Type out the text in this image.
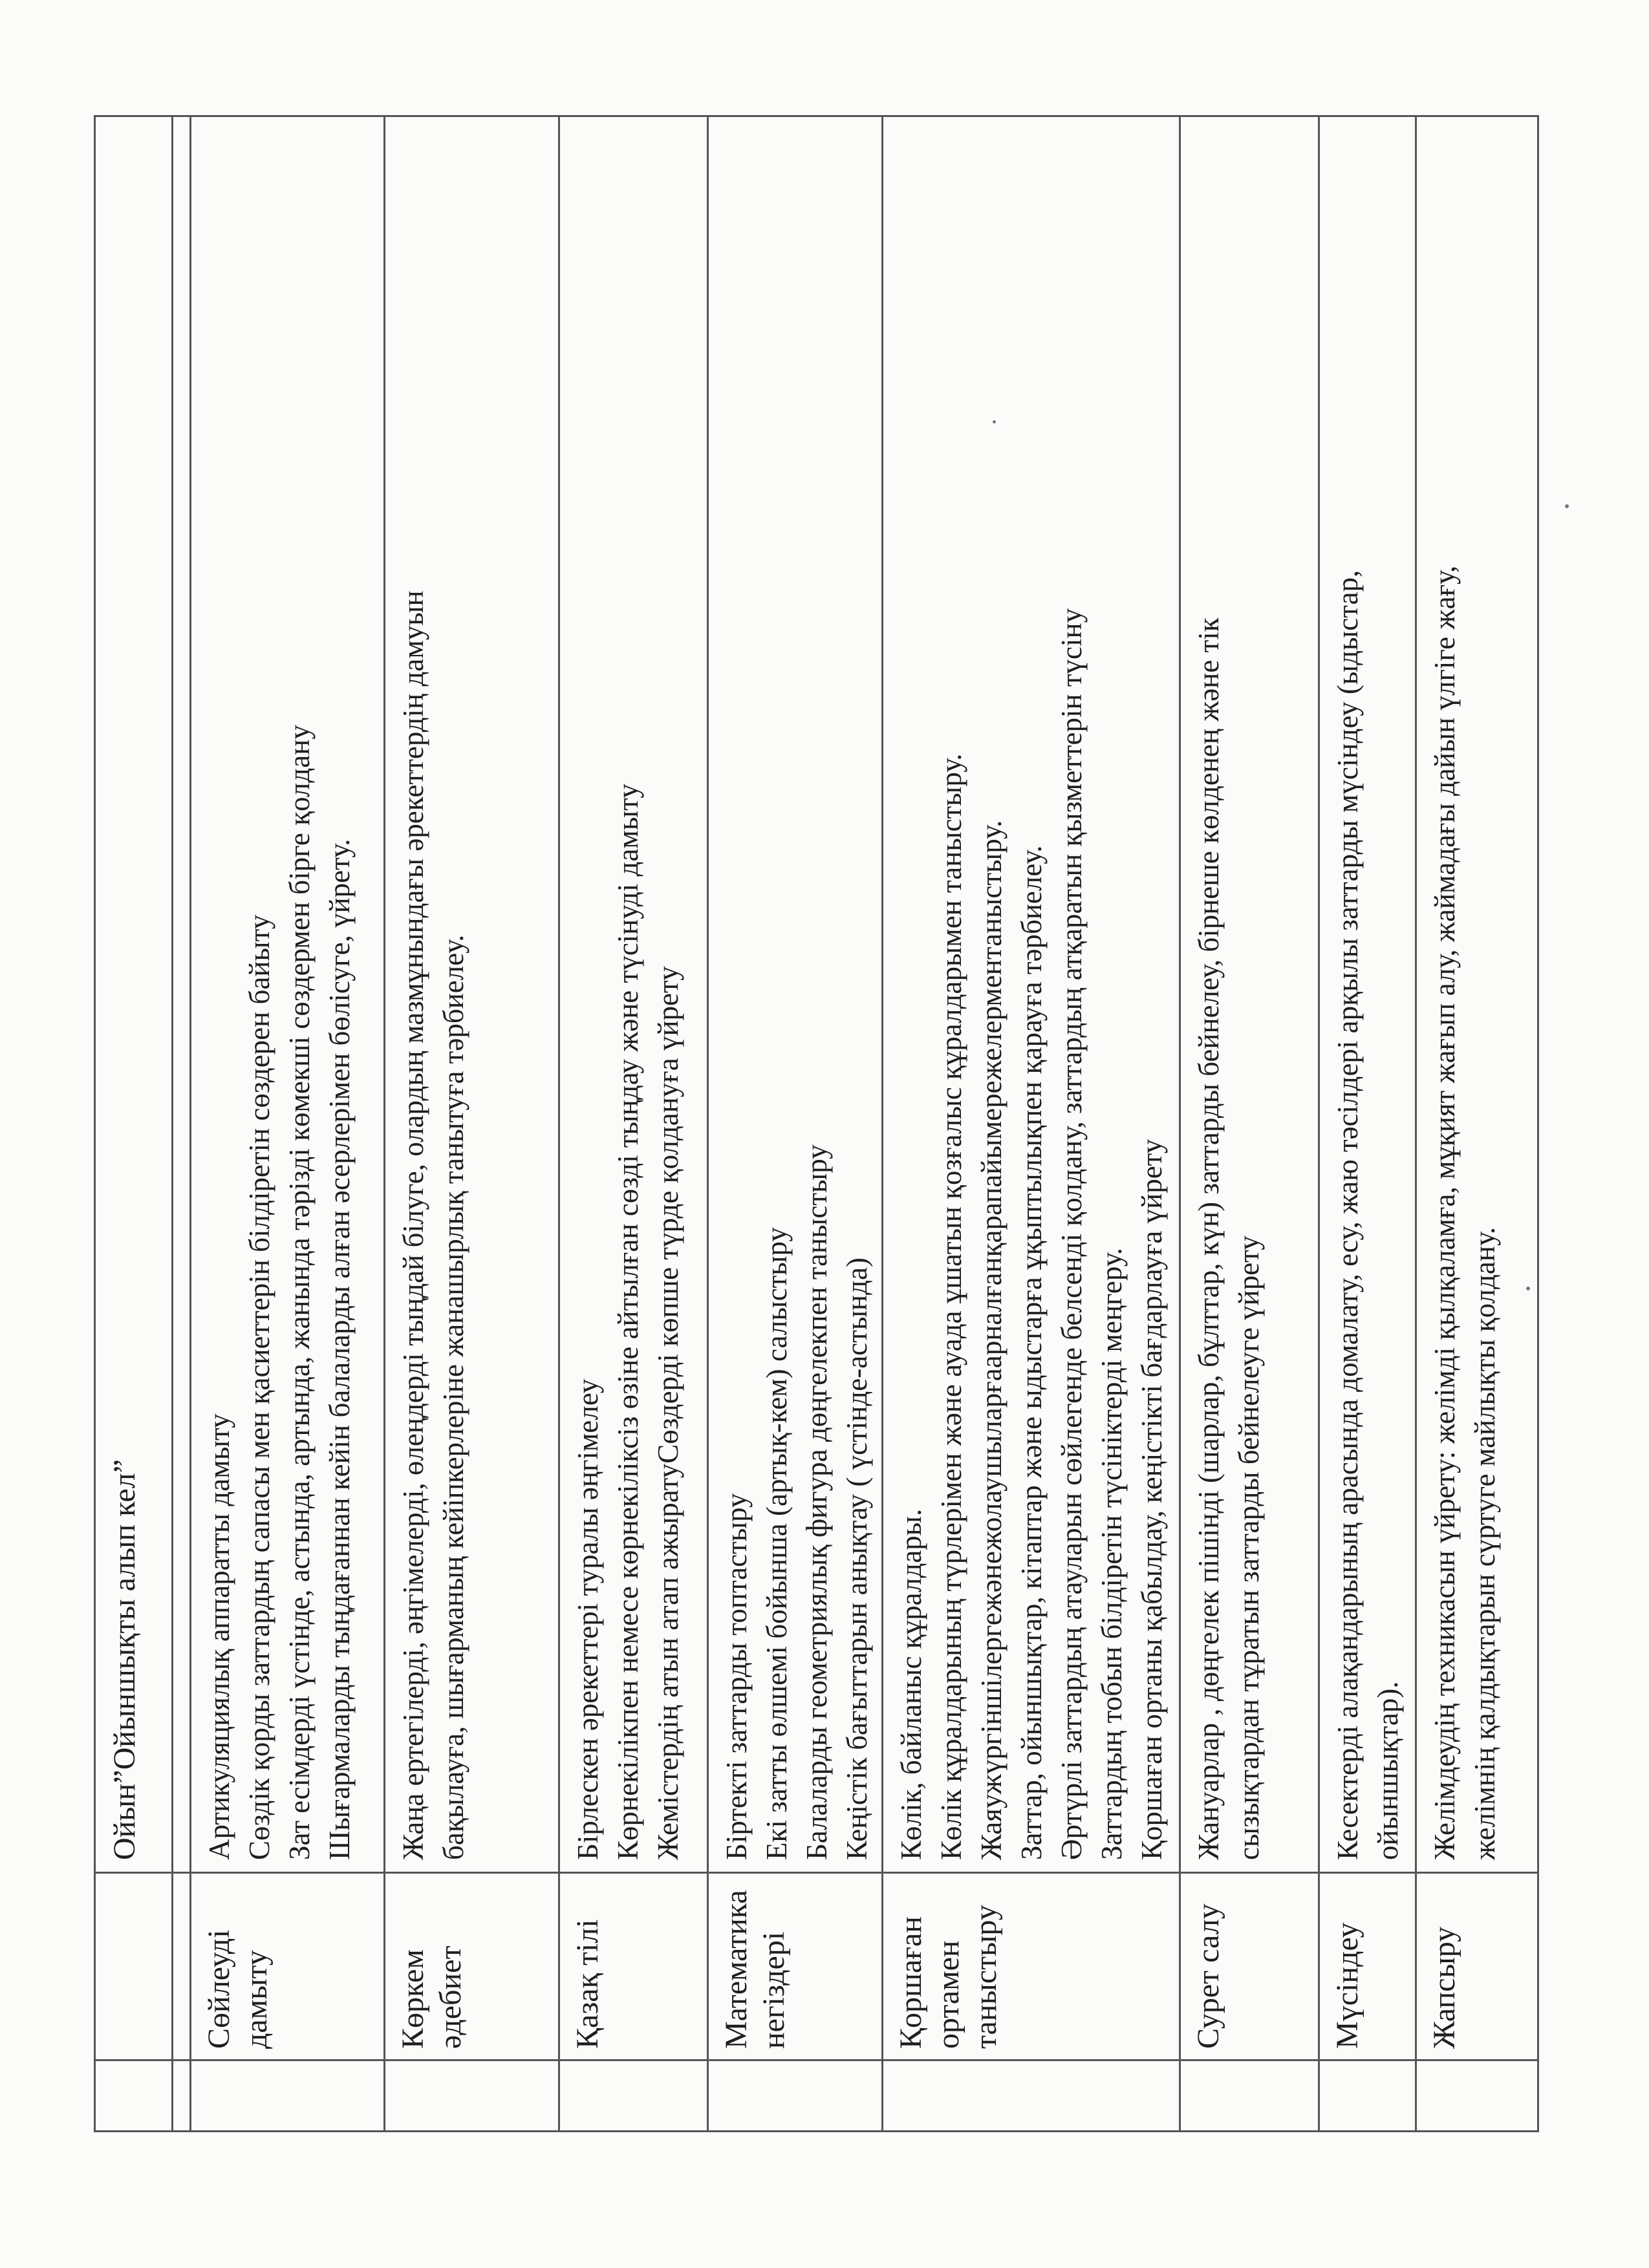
Ойын”Ойыншықты алып кел”
Сөйлеуді
дамыту

Артикуляциялық аппаратты дамыту Сөздік қорды заттардың сапасы мен қасиеттерін білдіретін сөздерен байыту Зат есімдерді үстінде, астында, артында, жанында тәрізді көмекші сөздермен бірге қолдану Шығармаларды тыңдағаннан кейін балаларды алған әсерлерімен бөлісуге, үйрету.

Көркем
әдебиет

Жаңа ертегілерді, әңгімелерді, өлеңдерді тыңдай білуге, олардың мазмұнындағы әрекеттердің дамуын бақылауға, шығарманың кейіпкерлеріне жанашырлық танытуға тәрбиелеу.

Қазақ тілі

Бірлескен әрекеттері туралы әңгімелеу Көрнекілікпен немесе көрнекіліксіз өзіне айтылған сөзді тыңдау және түсінуді дамыту Жемістердің атын атап ажыратуСөздерді көпше түрде қолдануға үйрету

Математика
негіздері

Біртекті заттарды топтастыру Екі затты өлшемі бойынша (артық-кем) салыстыру Балаларды геометриялық фигура дөңгелекпен таныстыру Кеңістік бағыттарын анықтау ( үстінде-астында)

Қоршаған
ортамен
таныстыру

Көлік, байланыс құралдары. Көлік құралдарының түрлерімен және ауада ұшатын қозғалыс құралдарымен таныстыру. Жаяужүргіншілергежәнежолаушыларғаарналғанқарапайымережелерментаныстыру. Заттар, ойыншықтар, кітаптар және ыдыстарға ұқыптылықпен қарауға тәрбиелеу. Әртүрлі заттардың атауларын сөйлегенде белсенді қолдану, заттардың атқаратын қызметтерін түсіну Заттардың тобын білдіретін түсініктерді меңгеру. Қоршаған ортаны қабылдау, кеңістікті бағдарлауға үйрету

Сурет салу

Жануарлар , дөңгелек пішінді (шарлар, бұлттар, күн) заттарды бейнелеу, бірнеше көлденең және тік сызықтардан тұратын заттарды бейнелеуге үйрету

Мүсіндеу

Кесектерді алақандарының арасында домалату, есу, жаю тәсілдері арқылы заттарды мүсіндеу (ыдыстар, ойыншықтар).

Жапсыру

Желімдеудің техникасын үйрету: желімді қылқаламға, мұқият жағып алу, жаймадағы дайын үлгіге жағу, желімнің қалдықтарын сүртуге майлықты қолдану.
